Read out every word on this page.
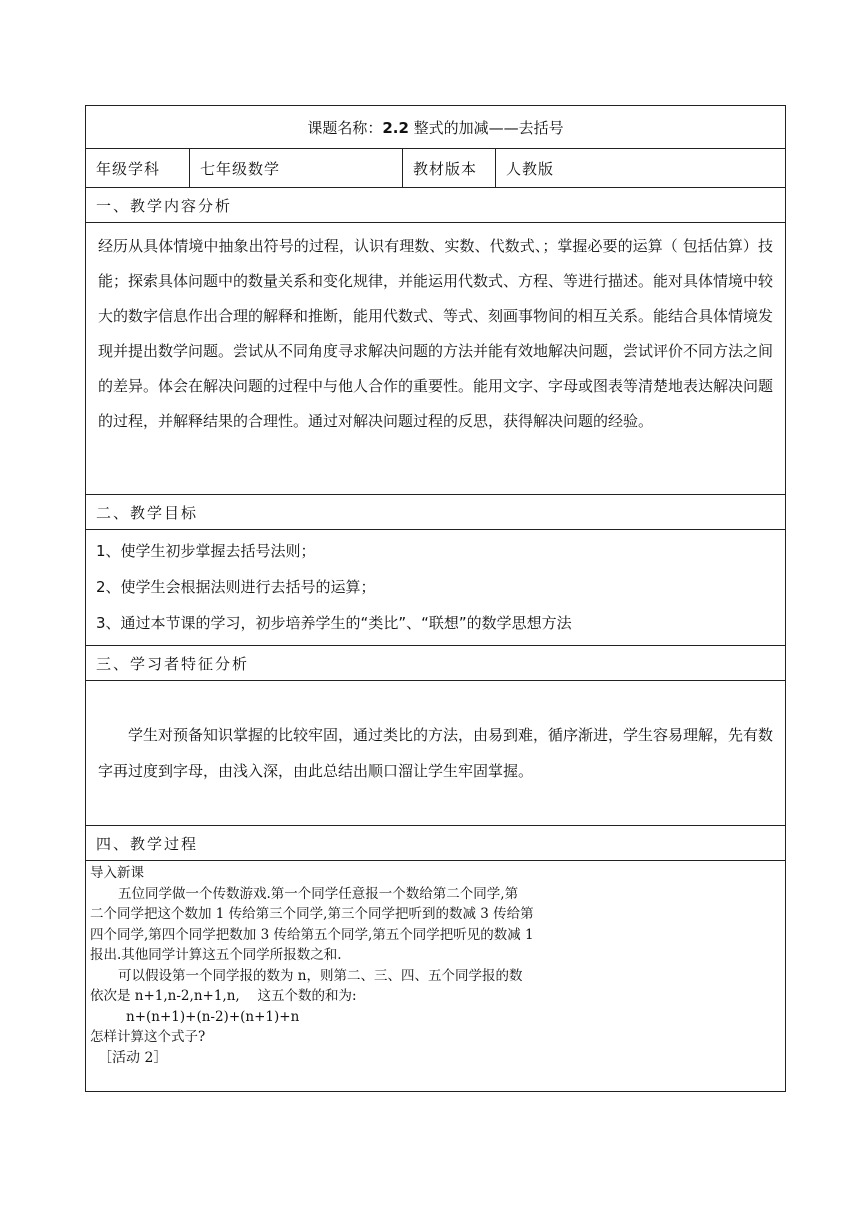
课题名称：2.2 整式的加减——去括号
年级学科	七年级数学	教材版本	人教版
一、教学内容分析

经历从具体情境中抽象出符号的过程，认识有理数、实数、代数式、；掌握必要的运算（ 包括估算）技能；探索具体问题中的数量关系和变化规律，并能运用代数式、方程、等进行描述。能对具体情境中较大的数字信息作出合理的解释和推断，能用代数式、等式、刻画事物间的相互关系。能结合具体情境发现并提出数学问题。尝试从不同角度寻求解决问题的方法并能有效地解决问题，尝试评价不同方法之间的差异。体会在解决问题的过程中与他人合作的重要性。能用文字、字母或图表等清楚地表达解决问题的过程，并解释结果的合理性。通过对解决问题过程的反思，获得解决问题的经验。

二、教学目标

1、使学生初步掌握去括号法则；
2、使学生会根据法则进行去括号的运算；
3、通过本节课的学习，初步培养学生的“类比”、“联想”的数学思想方法

三、学习者特征分析

学生对预备知识掌握的比较牢固，通过类比的方法，由易到难，循序渐进，学生容易理解，先有数字再过度到字母，由浅入深，由此总结出顺口溜让学生牢固掌握。

四、教学过程

导入新课
五位同学做一个传数游戏.第一个同学任意报一个数给第二个同学,第
二个同学把这个数加 1 传给第三个同学,第三个同学把听到的数减 3 传给第
四个同学,第四个同学把数加 3 传给第五个同学,第五个同学把听见的数减 1
报出.其他同学计算这五个同学所报数之和.
可以假设第一个同学报的数为 n，则第二、三、四、五个同学报的数
依次是 n+1,n-2,n+1,n,　 这五个数的和为:
n+(n+1)+(n-2)+(n+1)+n
怎样计算这个式子?
［活动 2］
